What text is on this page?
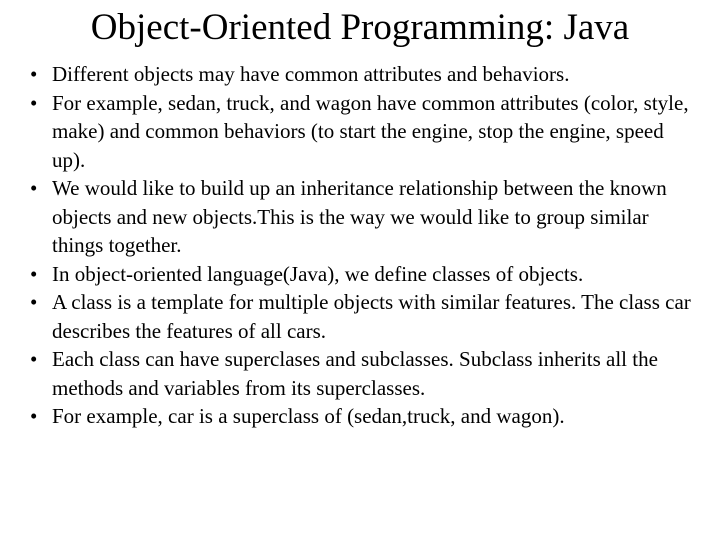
Object-Oriented Programming: Java
• Different objects may have common attributes and behaviors.
• For example, sedan, truck, and wagon have common attributes (color, style, make) and common behaviors (to start the engine, stop the engine, speed up).
• We would like to build up an inheritance relationship between the known objects and new objects.This is the way we would like to group similar things together.
• In object-oriented language(Java), we define classes of objects.
• A class is a template for multiple objects with similar features. The class car describes the features of all cars.
• Each class can have superclases and subclasses. Subclass inherits all the methods and variables from its superclasses.
• For example, car is a superclass of (sedan,truck, and wagon).
